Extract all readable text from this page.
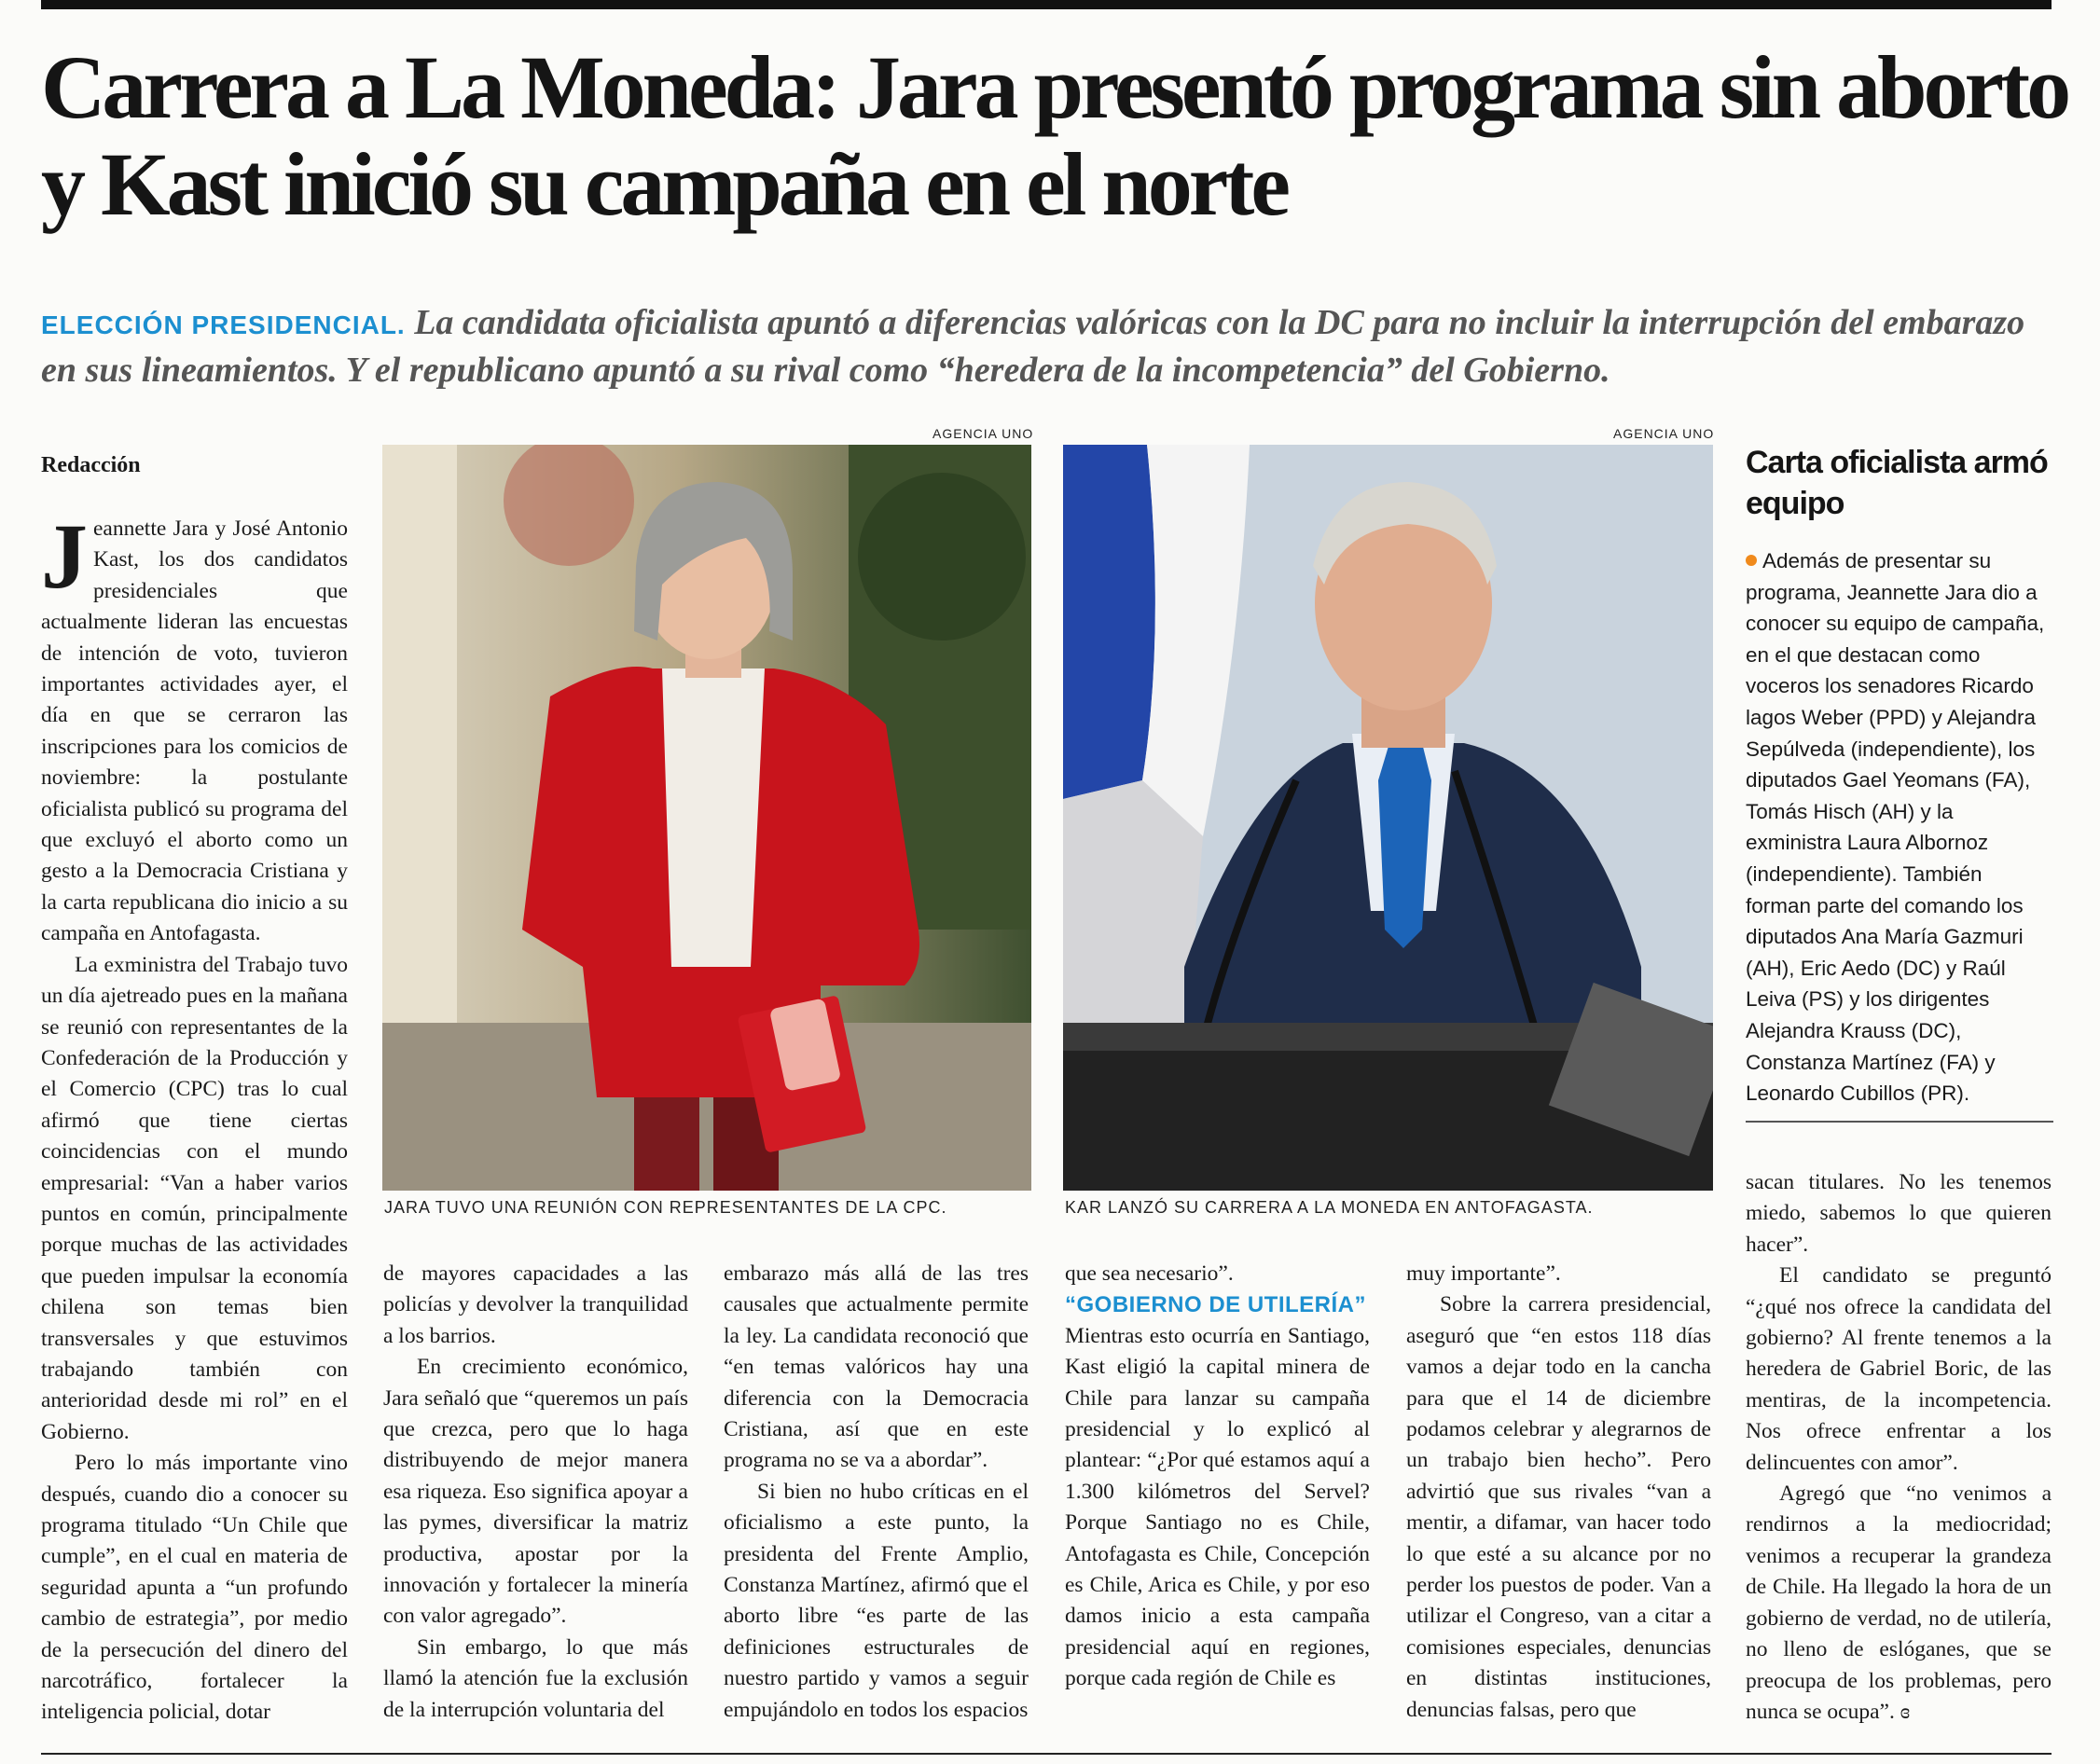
Carrera a La Moneda: Jara presentó programa sin aborto y Kast inició su campaña en el norte
ELECCIÓN PRESIDENCIAL. La candidata oficialista apuntó a diferencias valóricas con la DC para no incluir la interrupción del embarazo en sus lineamientos. Y el republicano apuntó a su rival como “heredera de la incompetencia” del Gobierno.
Redacción

Jeannette Jara y José Antonio Kast, los dos candidatos presidenciales que actualmente lideran las encuestas de intención de voto, tuvieron importantes actividades ayer, el día en que se cerraron las inscripciones para los comicios de noviembre: la postulante oficialista publicó su programa del que excluyó el aborto como un gesto a la Democracia Cristiana y la carta republicana dio inicio a su campaña en Antofagasta.

La exministra del Trabajo tuvo un día ajetreado pues en la mañana se reunió con representantes de la Confederación de la Producción y el Comercio (CPC) tras lo cual afirmó que tiene ciertas coincidencias con el mundo empresarial: “Van a haber varios puntos en común, principalmente porque muchas de las actividades que pueden impulsar la economía chilena son temas bien transversales y que estuvimos trabajando también con anterioridad desde mi rol” en el Gobierno.

Pero lo más importante vino después, cuando dio a conocer su programa titulado “Un Chile que cumple”, en el cual en materia de seguridad apunta a “un profundo cambio de estrategia”, por medio de la persecución del dinero del narcotráfico, fortalecer la inteligencia policial, dotar

AGENCIA UNO
JARA TUVO UNA REUNIÓN CON REPRESENTANTES DE LA CPC.

de mayores capacidades a las policías y devolver la tranquilidad a los barrios.

En crecimiento económico, Jara señaló que “queremos un país que crezca, pero que lo haga distribuyendo de mejor manera esa riqueza. Eso significa apoyar a las pymes, diversificar la matriz productiva, apostar por la innovación y fortalecer la minería con valor agregado”.

Sin embargo, lo que más llamó la atención fue la exclusión de la interrupción voluntaria del

embarazo más allá de las tres causales que actualmente permite la ley. La candidata reconoció que “en temas valóricos hay una diferencia con la Democracia Cristiana, así que en este programa no se va a abordar”.

Si bien no hubo críticas en el oficialismo a este punto, la presidenta del Frente Amplio, Constanza Martínez, afirmó que el aborto libre “es parte de las definiciones estructurales de nuestro partido y vamos a seguir empujándolo en todos los espacios

AGENCIA UNO
KAR LANZÓ SU CARRERA A LA MONEDA EN ANTOFAGASTA.

que sea necesario”.

“GOBIERNO DE UTILERÍA”

Mientras esto ocurría en Santiago, Kast eligió la capital minera de Chile para lanzar su campaña presidencial y lo explicó al plantear: “¿Por qué estamos aquí a 1.300 kilómetros del Servel? Porque Santiago no es Chile, Antofagasta es Chile, Concepción es Chile, Arica es Chile, y por eso damos inicio a esta campaña presidencial aquí en regiones, porque cada región de Chile es

muy importante”.

Sobre la carrera presidencial, aseguró que “en estos 118 días vamos a dejar todo en la cancha para que el 14 de diciembre podamos celebrar y alegrarnos de un trabajo bien hecho”. Pero advirtió que sus rivales “van a mentir, a difamar, van hacer todo lo que esté a su alcance por no perder los puestos de poder. Van a utilizar el Congreso, van a citar a comisiones especiales, denuncias en distintas instituciones, denuncias falsas, pero que

Carta oficialista armó equipo
Además de presentar su programa, Jeannette Jara dio a conocer su equipo de campaña, en el que destacan como voceros los senadores Ricardo lagos Weber (PPD) y Alejandra Sepúlveda (independiente), los diputados Gael Yeomans (FA), Tomás Hisch (AH) y la exministra Laura Albornoz (independiente). También forman parte del comando los diputados Ana María Gazmuri (AH), Eric Aedo (DC) y Raúl Leiva (PS) y los dirigentes Alejandra Krauss (DC), Constanza Martínez (FA) y Leonardo Cubillos (PR).

sacan titulares. No les tenemos miedo, sabemos lo que quieren hacer”.

El candidato se preguntó “¿qué nos ofrece la candidata del gobierno? Al frente tenemos a la heredera de Gabriel Boric, de las mentiras, de la incompetencia. Nos ofrece enfrentar a los delincuentes con amor”.

Agregó que “no venimos a rendirnos a la mediocridad; venimos a recuperar la grandeza de Chile. Ha llegado la hora de un gobierno de verdad, no de utilería, no lleno de eslóganes, que se preocupa de los problemas, pero nunca se ocupa”. ɞ
